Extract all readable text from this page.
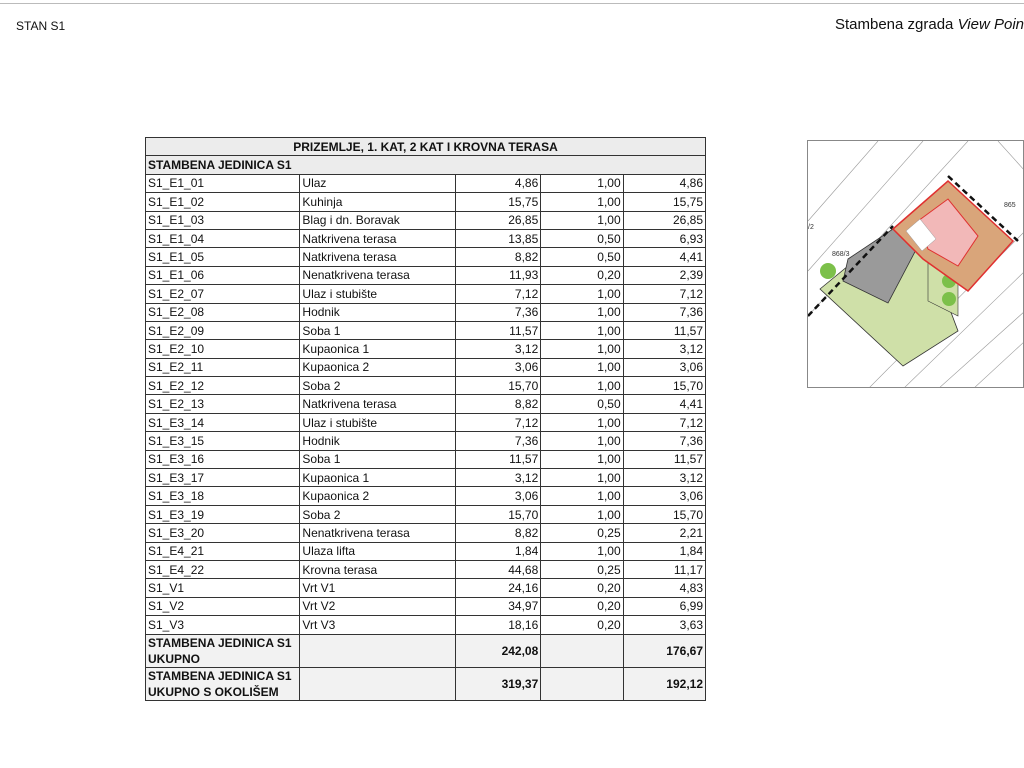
STAN S1	Stambena zgrada View Poin
PRIZEMLJE, 1. KAT, 2 KAT I KROVNA TERASA				
STAMBENA JEDINICA S1				
S1_E1_01	Ulaz	4,86	1,00	4,86
S1_E1_02	Kuhinja	15,75	1,00	15,75
S1_E1_03	Blag i dn. Boravak	26,85	1,00	26,85
S1_E1_04	Natkrivena terasa	13,85	0,50	6,93
S1_E1_05	Natkrivena terasa	8,82	0,50	4,41
S1_E1_06	Nenatkrivena terasa	11,93	0,20	2,39
S1_E2_07	Ulaz i stubište	7,12	1,00	7,12
S1_E2_08	Hodnik	7,36	1,00	7,36
S1_E2_09	Soba 1	11,57	1,00	11,57
S1_E2_10	Kupaonica 1	3,12	1,00	3,12
S1_E2_11	Kupaonica 2	3,06	1,00	3,06
S1_E2_12	Soba 2	15,70	1,00	15,70
S1_E2_13	Natkrivena terasa	8,82	0,50	4,41
S1_E3_14	Ulaz i stubište	7,12	1,00	7,12
S1_E3_15	Hodnik	7,36	1,00	7,36
S1_E3_16	Soba 1	11,57	1,00	11,57
S1_E3_17	Kupaonica 1	3,12	1,00	3,12
S1_E3_18	Kupaonica 2	3,06	1,00	3,06
S1_E3_19	Soba 2	15,70	1,00	15,70
S1_E3_20	Nenatkrivena terasa	8,82	0,25	2,21
S1_E4_21	Ulaza lifta	1,84	1,00	1,84
S1_E4_22	Krovna terasa	44,68	0,25	11,17
S1_V1	Vrt V1	24,16	0,20	4,83
S1_V2	Vrt V2	34,97	0,20	6,99
S1_V3	Vrt V3	18,16	0,20	3,63

STAMBENA JEDINICA S1
UKUPNO		242,08		176,67

STAMBENA JEDINICA S1
UKUPNO S OKOLIŠEM		319,37		192,12
865
868/3
/2
